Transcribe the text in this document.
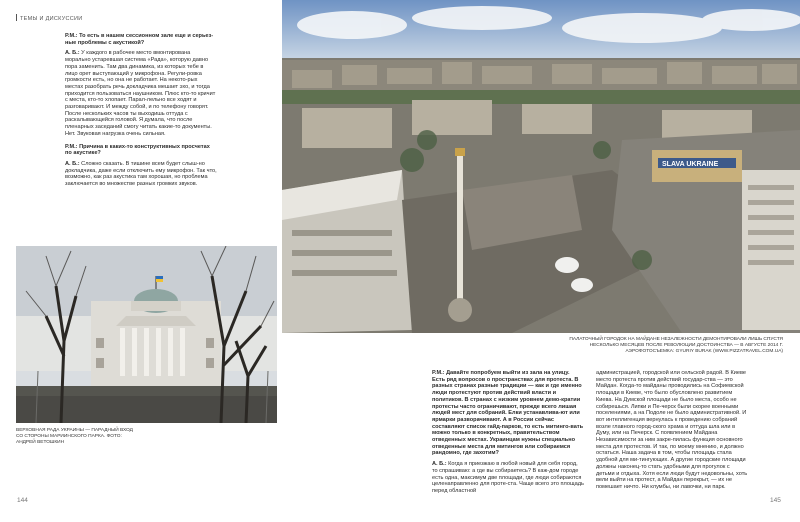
ТЕМЫ И ДИСКУССИИ

Р.М.: То есть в нашем сессионном зале еще и серьез-ные проблемы с акустикой?

А. Б.: У каждого в рабочее место вмонтирована морально устаревшая система «Рада», которую давно пора заменить. Там два динамика, из которых тебе в лицо орет выступающий у микрофона. Регули-ровка громкости есть, но она не работает. На некото-рых местах разобрать речь докладчика мешает эхо, и тогда приходится пользоваться наушником. Плюс кто-то кричит с места, кто-то хлопает. Парал-лельно все ходят и разговаривают. И между собой, и по телефону говорят. После нескольких часов ты выходишь оттуда с раскалывающейся головой. Я думала, что после пленарных заседаний смогу читать какие-то документы. Нет. Звуковая нагрузка очень сильная.

Р.М.: Причина в каких-то конструктивных просчетах по акустике?

А. Б.: Сложно сказать. В тишине всем будет слыш-но докладчика, даже если отключить ему микрофон. Так что, возможно, как раз акустика там хорошая, но проблема заключается во множестве разных громких звуков.

ВЕРХОВНАЯ РАДА УКРАИНЫ — ПАРАДНЫЙ ВХОД СО СТОРОНЫ МАРИИНСКОГО ПАРКА. ФОТО: АНДРЕЙ ВЕТОШКИН
SLAVA UKRAINE
ПАЛАТОЧНЫЙ ГОРОДОК НА МАЙДАНЕ НЕЗАЛЕЖНОСТИ ДЕМОНТИРОВАЛИ ЛИШЬ СПУСТЯ НЕСКОЛЬКО МЕСЯЦЕВ ПОСЛЕ РЕВОЛЮЦИИ ДОСТОИНСТВА — В АВГУСТЕ 2014 Г. АЭРОФОТОСЪЕМКА: GYURIY BURAK (WWW.PIZZATRAVEL.COM.UA)

Р.М.: Давайте попробуем выйти из зала на улицу. Есть ряд вопросов о пространствах для протеста. В разных странах разные традиции — как и где именно люди протестуют против действий власти и политиков. В странах с низким уровнем демо-кратии протесты часто ограничивают, прежде всего лишая людей мест для собраний. Елки устанавлива-ют или ярмарки разворачивают. А в России сейчас составляют список гайд-парков, то есть митинго-вать можно только в конкретных, правительством отведенных местах. Украинцам нужны специально отведенные места для митингов или собираемся рандомно, где захотим?

А. Б.: Когда я приезжаю в любой новый для себя город, то спрашиваю: а где вы собираетесь? В каж-дом городе есть одна, максимум две площади, где люди собираются целенаправленно для проте-ста. Чаще всего это площадь перед областной

администрацией, городской или сельской радой. В Киеве место протеста против действий государ-ства — это Майдан. Когда-то майданы проводились на Софиевской площади в Киеве, что было обусловлено развитием Киева. На Думской площади не было места, особо не собирешься. Липки и Пе-черск были скорее военными поселениями, а на Подоле не было административной. И вот интеллигенция вернулась к проведению собраний возле главного город-ского храма и оттуда шла или в Думу, или на Печерск. С появлением Майдана Независимости за ним закре-пилась функция основного места для протестов. И так, по моему мнению, и должно остаться. Наша задача в том, чтобы площадь стала удобной для ми-тингующих. А другие городские площади должны наконец-то стать удобными для прогулок с детьми и отдыха. Хотя если люди будут недовольны, хоть вели выйти на протест, а Майдан перекрыт, — их не помешает ничто. Ни клумбы, ни лавочки, ни парк.

144	145
